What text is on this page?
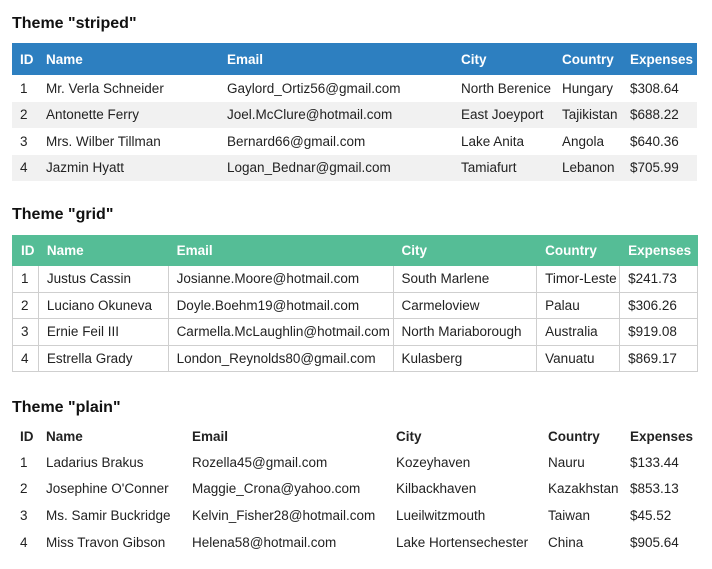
Theme "striped"
ID	Name	Email	City	Country	Expenses
1	Mr. Verla Schneider	Gaylord_Ortiz56@gmail.com	North Berenice	Hungary	$308.64
2	Antonette Ferry	Joel.McClure@hotmail.com	East Joeyport	Tajikistan	$688.22
3	Mrs. Wilber Tillman	Bernard66@gmail.com	Lake Anita	Angola	$640.36
4	Jazmin Hyatt	Logan_Bednar@gmail.com	Tamiafurt	Lebanon	$705.99
Theme "grid"
ID	Name	Email	City	Country	Expenses
1	Justus Cassin	Josianne.Moore@hotmail.com	South Marlene	Timor-Leste	$241.73
2	Luciano Okuneva	Doyle.Boehm19@hotmail.com	Carmeloview	Palau	$306.26
3	Ernie Feil III	Carmella.McLaughlin@hotmail.com	North Mariaborough	Australia	$919.08
4	Estrella Grady	London_Reynolds80@gmail.com	Kulasberg	Vanuatu	$869.17
Theme "plain"
ID	Name	Email	City	Country	Expenses
1	Ladarius Brakus	Rozella45@gmail.com	Kozeyhaven	Nauru	$133.44
2	Josephine O'Conner	Maggie_Crona@yahoo.com	Kilbackhaven	Kazakhstan	$853.13
3	Ms. Samir Buckridge	Kelvin_Fisher28@hotmail.com	Lueilwitzmouth	Taiwan	$45.52
4	Miss Travon Gibson	Helena58@hotmail.com	Lake Hortensechester	China	$905.64
